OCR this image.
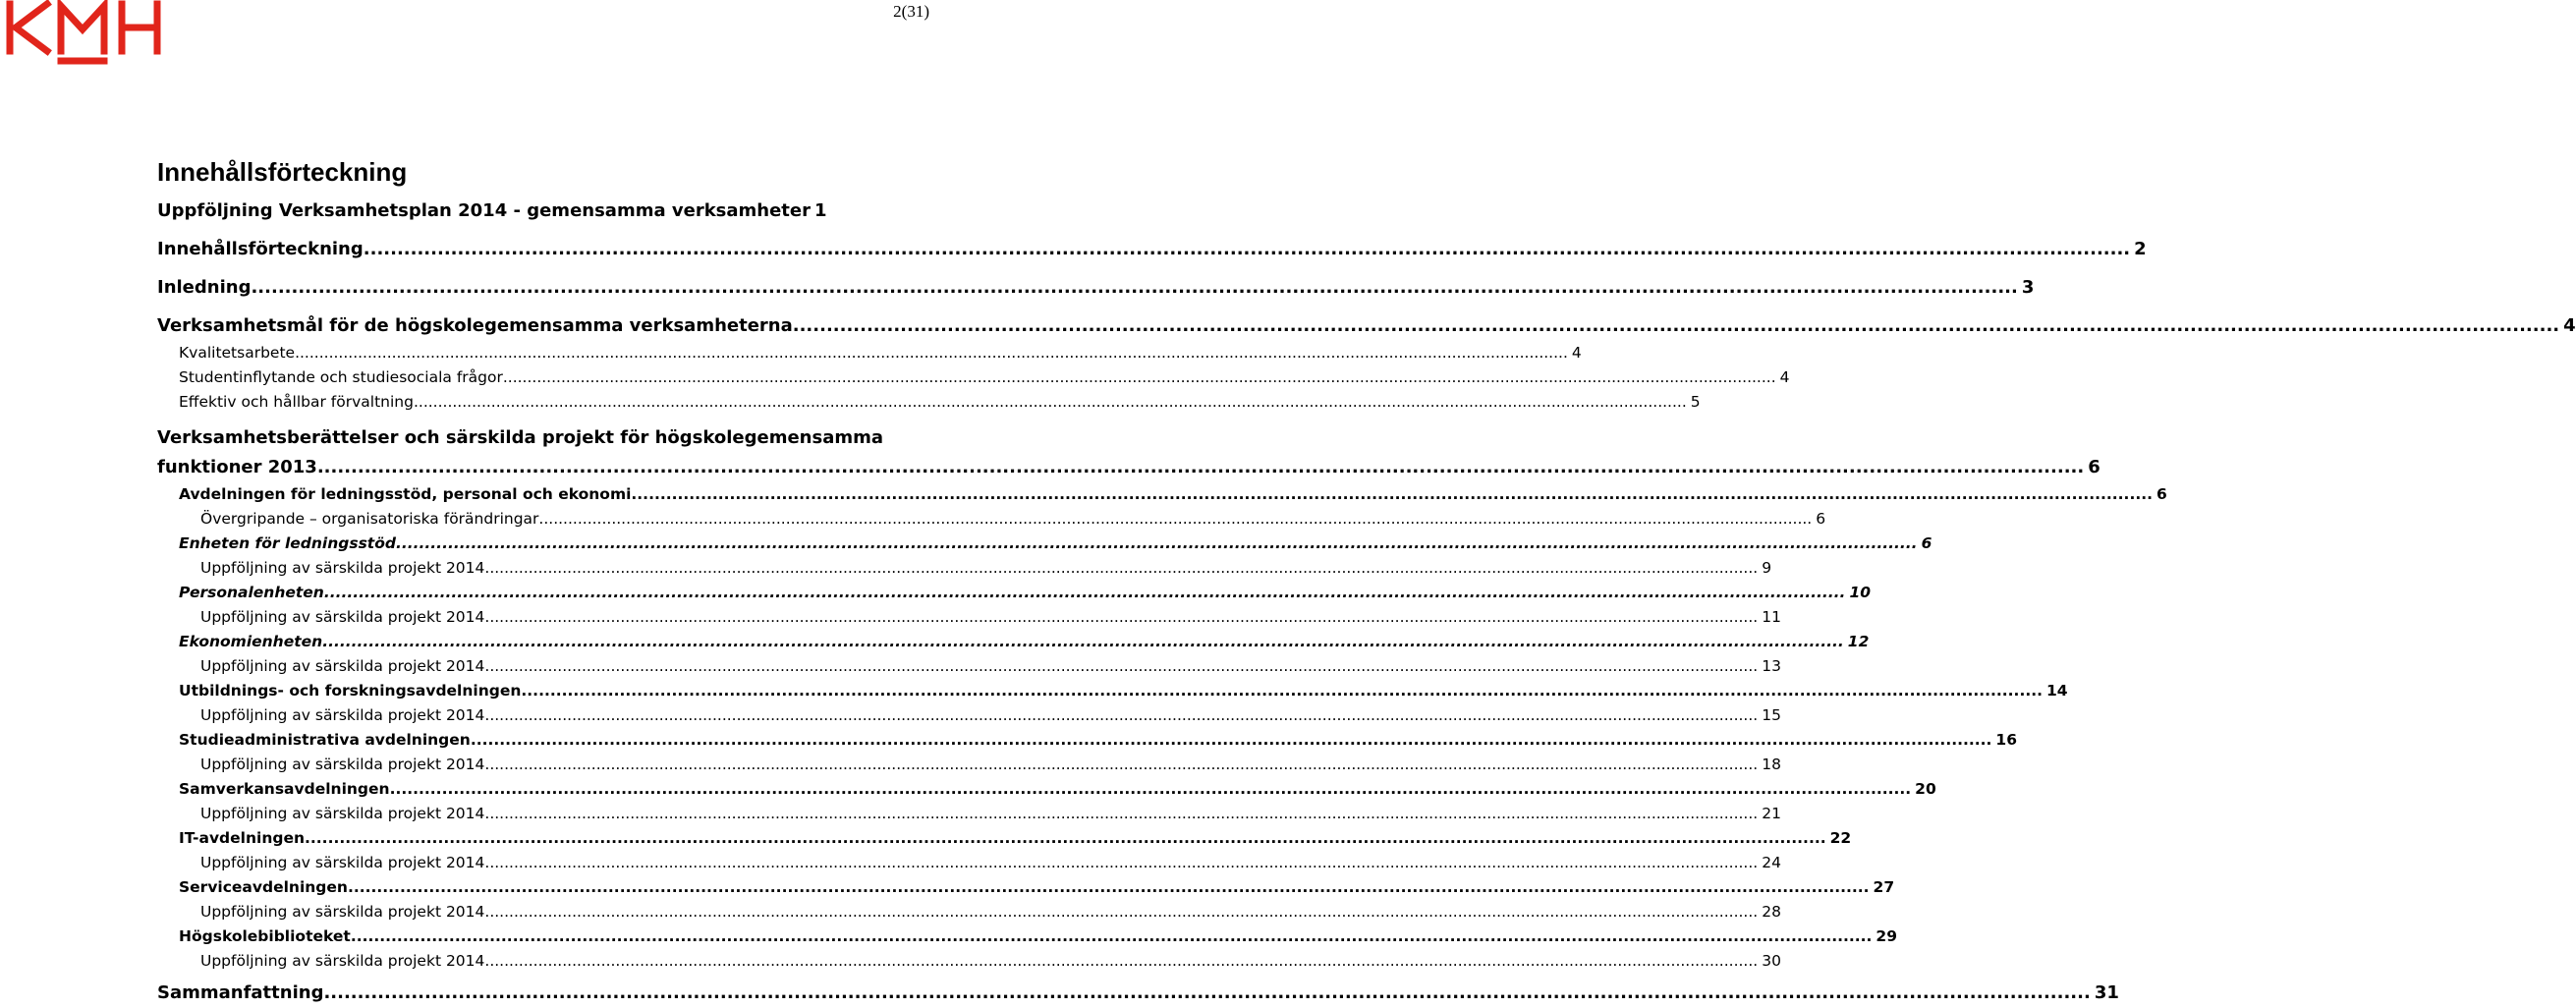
2(31)
Innehållsförteckning
Uppföljning Verksamhetsplan 2014 - gemensamma verksamheter 1
Innehållsförteckning .....	2
Inledning .....	3
Verksamhetsmål för de högskolegemensamma verksamheterna .....	4
Kvalitetsarbete .....	4
Studentinflytande och studiesociala frågor .....	4
Effektiv och hållbar förvaltning .....	5
Verksamhetsberättelser och särskilda projekt för högskolegemensamma
funktioner 2013 .....	6
Avdelningen för ledningsstöd, personal och ekonomi .....	6
Övergripande – organisatoriska förändringar .....	6
Enheten för ledningsstöd .....	6
Uppföljning av särskilda projekt 2014 .....	9
Personalenheten .....	10
Uppföljning av särskilda projekt 2014 .....	11
Ekonomienheten .....	12
Uppföljning av särskilda projekt 2014 .....	13
Utbildnings- och forskningsavdelningen .....	14
Uppföljning av särskilda projekt 2014 .....	15
Studieadministrativa avdelningen .....	16
Uppföljning av särskilda projekt 2014 .....	18
Samverkansavdelningen .....	20
Uppföljning av särskilda projekt 2014 .....	21
IT-avdelningen .....	22
Uppföljning av särskilda projekt 2014 .....	24
Serviceavdelningen .....	27
Uppföljning av särskilda projekt 2014 .....	28
Högskolebiblioteket .....	29
Uppföljning av särskilda projekt 2014 .....	30
Sammanfattning .....	31
